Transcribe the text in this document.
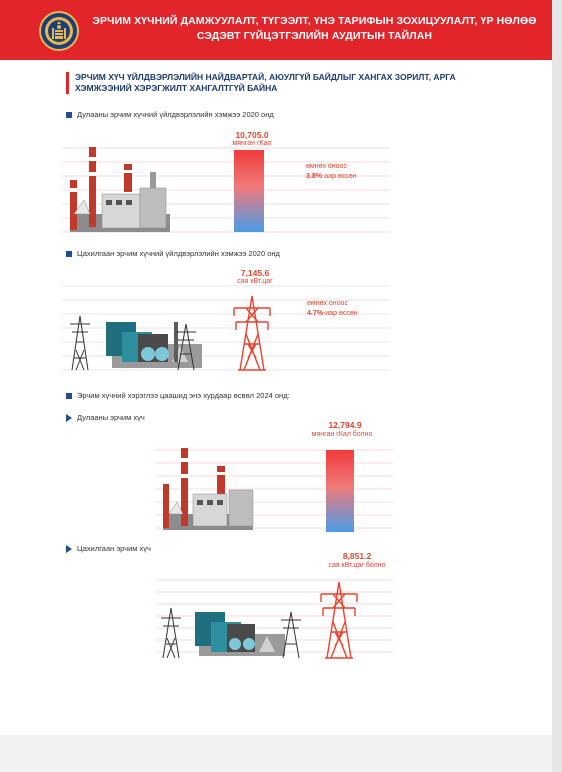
ЭРЧИМ ХҮЧНИЙ ДАМЖУУЛАЛТ, ТҮГЭЭЛТ, ҮНЭ ТАРИФЫН ЗОХИЦУУЛАЛТ, ҮР НӨЛӨӨ СЭДЭВТ ГҮЙЦЭТГЭЛИЙН АУДИТЫН ТАЙЛАН
ЭРЧИМ ХҮЧ ҮЙЛДВЭРЛЭЛИЙН НАЙДВАРТАЙ, АЮУЛГҮЙ БАЙДЛЫГ ХАНГАХ ЗОРИЛТ, АРГА ХЭМЖЭЭНИЙ ХЭРЭГЖИЛТ ХАНГАЛТГҮЙ БАЙНА
Дулааны эрчим хүчний үйлдвэрлэлийн хэмжээ 2020 онд
10,705.0
мянган гКал
өмнөх оноос
3.8%-аар өссөн
Цахилгаан эрчим хүчний үйлдвэрлэлийн хэмжээ 2020 онд
7,145.6
сая кВт.цаг
өмнөх оноос
4.7%-иар өссөн
Эрчим хүчний хэрэглээ цаашид энэ хурдаар өсвөл 2024 онд:
Дулааны эрчим хүч
12,794.9
мянган гКал болно
Цахилгаан эрчим хүч
8,851.2
сая кВт.цаг болно
